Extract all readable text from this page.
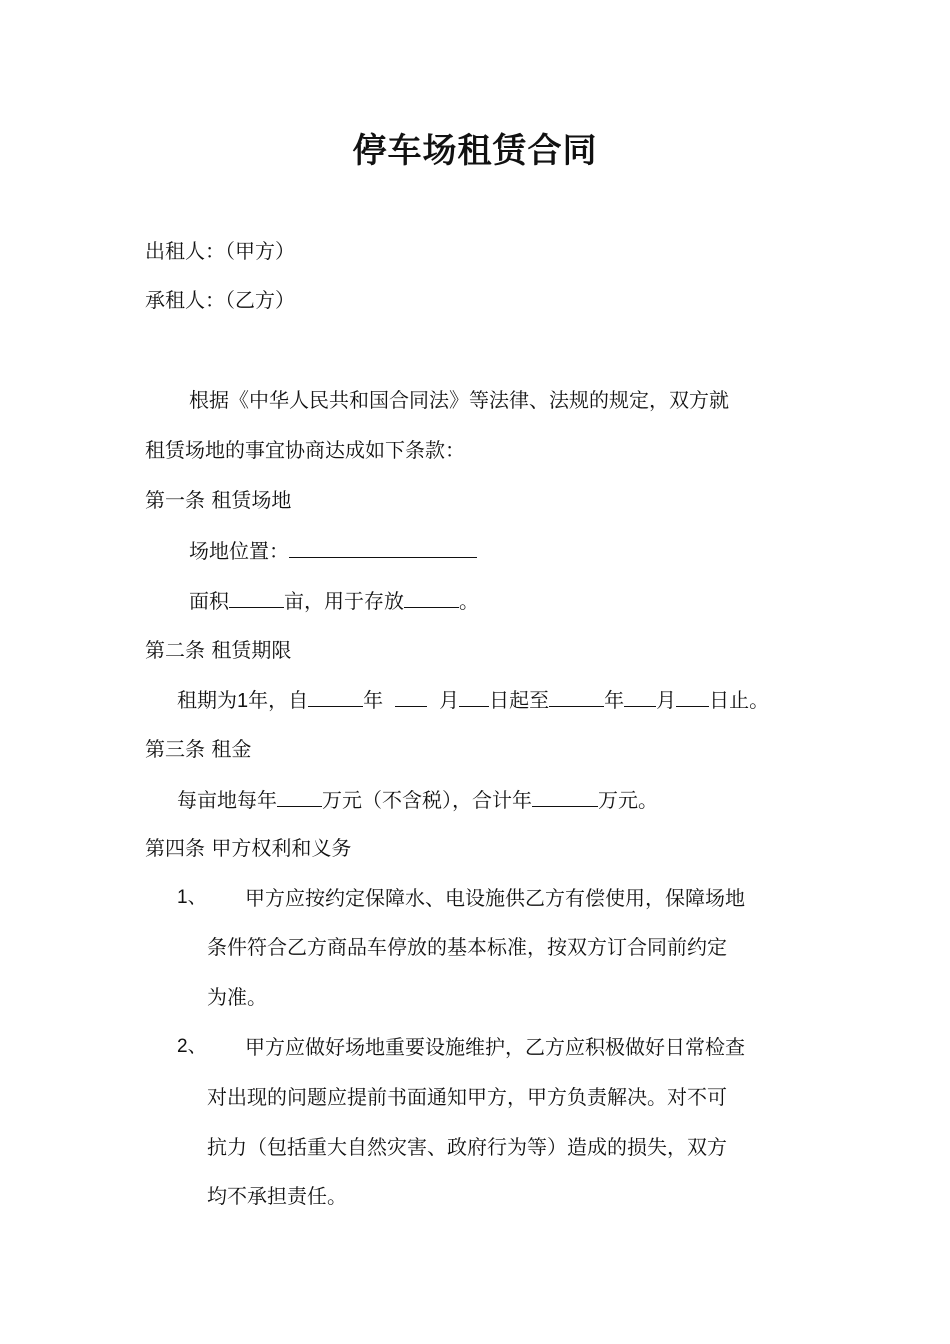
停车场租赁合同
出租人：（甲方）
承租人：（乙方）
根据《中华人民共和国合同法》等法律、法规的规定，双方就
租赁场地的事宜协商达成如下条款：
第一条 租赁场地
场地位置：
面积	亩，用于存放	。
第二条 租赁期限
租期为1年，自	年	月 日起至	年 月 日止。
第三条 租金
每亩地每年 万元（不含税），合计年	万元。
第四条 甲方权利和义务
1、 甲方应按约定保障水、电设施供乙方有偿使用，保障场地
条件符合乙方商品车停放的基本标准，按双方订合同前约定
为准。
2、 甲方应做好场地重要设施维护，乙方应积极做好日常检查
对出现的问题应提前书面通知甲方，甲方负责解决。对不可
抗力（包括重大自然灾害、政府行为等）造成的损失，双方
均不承担责任。
